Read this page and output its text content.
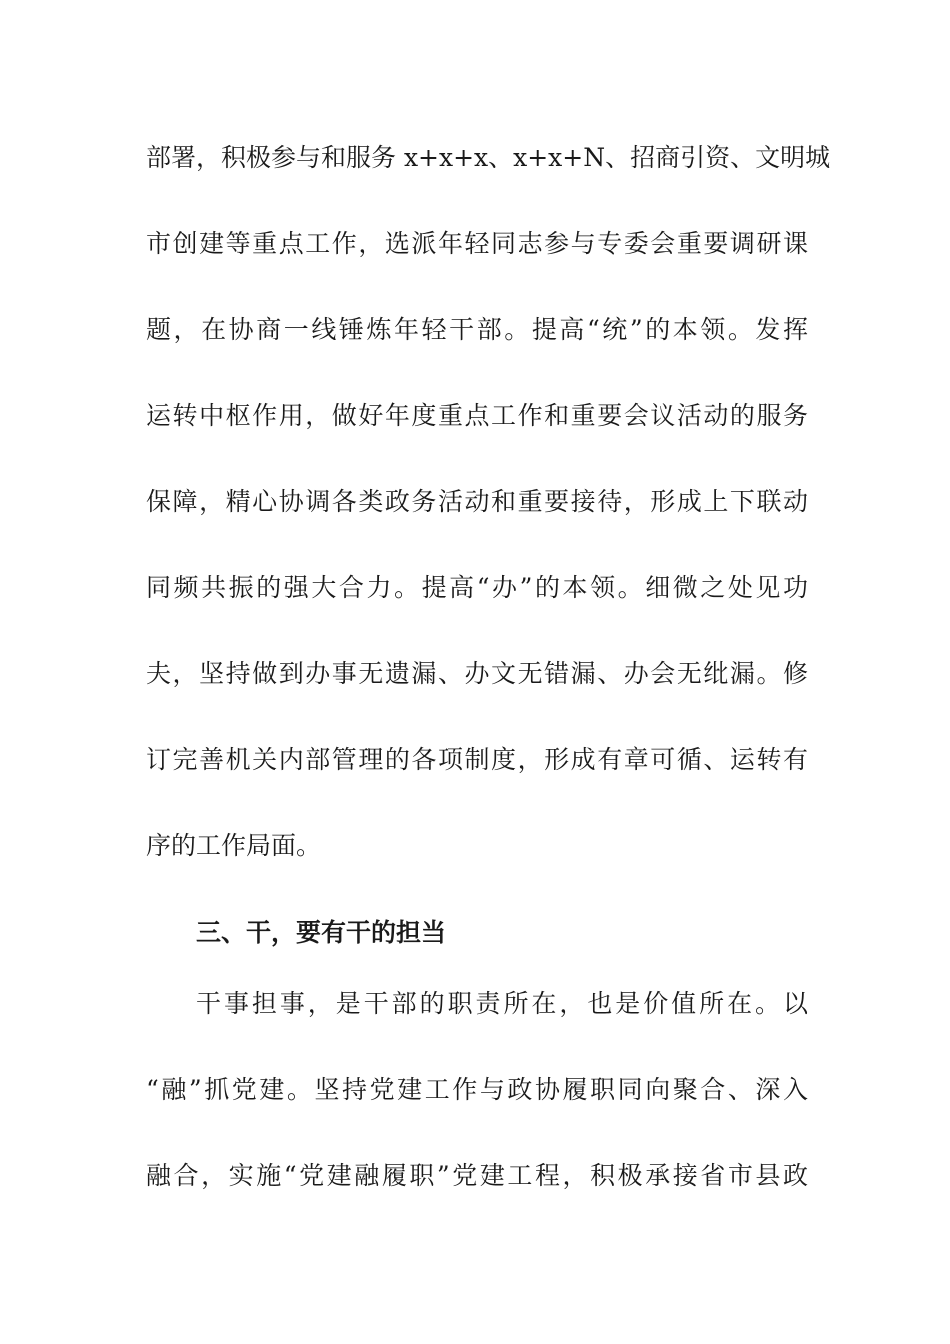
部署，积极参与和服务 x+x+x、x+x+N、招商引资、文明城
市创建等重点工作，选派年轻同志参与专委会重要调研课
题，在协商一线锤炼年轻干部。提高“统”的本领。发挥
运转中枢作用，做好年度重点工作和重要会议活动的服务
保障，精心协调各类政务活动和重要接待，形成上下联动
同频共振的强大合力。提高“办”的本领。细微之处见功
夫，坚持做到办事无遗漏、办文无错漏、办会无纰漏。修
订完善机关内部管理的各项制度，形成有章可循、运转有
序的工作局面。
三、干，要有干的担当
干事担事，是干部的职责所在，也是价值所在。以
“融”抓党建。坚持党建工作与政协履职同向聚合、深入
融合，实施“党建融履职”党建工程，积极承接省市县政
